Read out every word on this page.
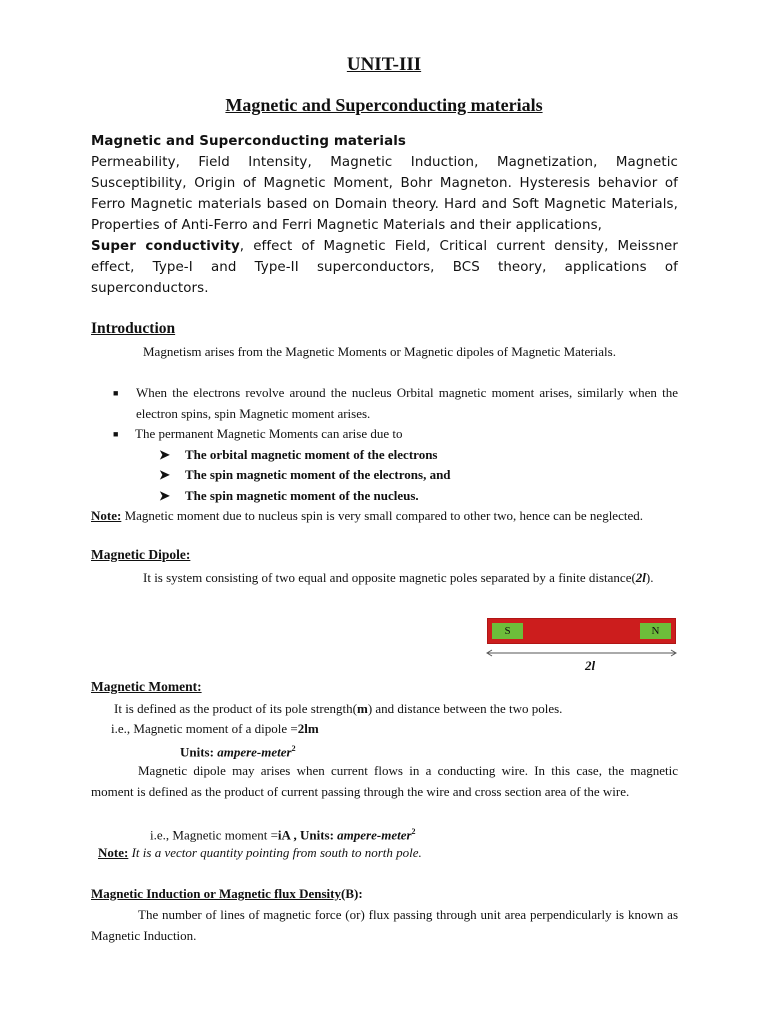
UNIT-III
Magnetic and Superconducting materials
Magnetic and Superconducting materials

Permeability, Field Intensity, Magnetic Induction, Magnetization, Magnetic Susceptibility, Origin of Magnetic Moment, Bohr Magneton. Hysteresis behavior of Ferro Magnetic materials based on Domain theory. Hard and Soft Magnetic Materials, Properties of Anti-Ferro and Ferri Magnetic Materials and their applications,

Super conductivity, effect of Magnetic Field, Critical current density, Meissner effect, Type-I and Type-II superconductors, BCS theory, applications of superconductors.

Introduction
Magnetism arises from the Magnetic Moments or Magnetic dipoles of Magnetic Materials.
■ When the electrons revolve around the nucleus Orbital magnetic moment arises, similarly when the electron spins, spin Magnetic moment arises.
■ The permanent Magnetic Moments can arise due to
➤ The orbital magnetic moment of the electrons
➤ The spin magnetic moment of the electrons, and
➤ The spin magnetic moment of the nucleus.
Note: Magnetic moment due to nucleus spin is very small compared to other two, hence can be neglected.
Magnetic Dipole:
It is system consisting of two equal and opposite magnetic poles separated by a finite distance(2l).
S	N
2l
Magnetic Moment:
It is defined as the product of its pole strength(m) and distance between the two poles.
i.e., Magnetic moment of a dipole =2lm
Units: ampere-meter$^2$
Magnetic dipole may arises when current flows in a conducting wire. In this case, the magnetic moment is defined as the product of current passing through the wire and cross section area of the wire.
i.e., Magnetic moment =iA , Units: ampere-meter$^2$
Note: It is a vector quantity pointing from south to north pole.
Magnetic Induction or Magnetic flux Density(B):
The number of lines of magnetic force (or) flux passing through unit area perpendicularly is known as Magnetic Induction.
